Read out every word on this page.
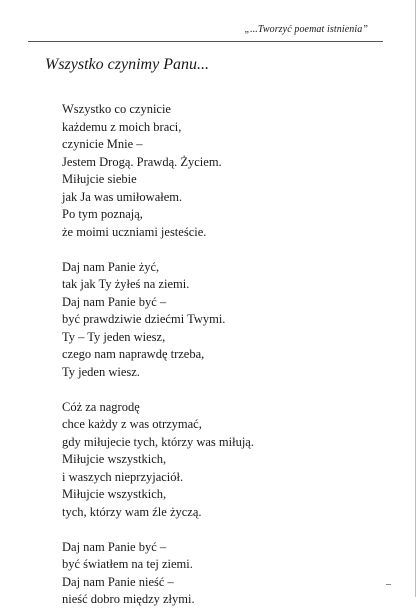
„...Tworzyć poemat istnienia”
Wszystko czynimy Panu...
Wszystko co czynicie
każdemu z moich braci,
czynicie Mnie –
Jestem Drogą. Prawdą. Życiem.
Miłujcie siebie
jak Ja was umiłowałem.
Po tym poznają,
że moimi uczniami jesteście.
Daj nam Panie żyć,
tak jak Ty żyłeś na ziemi.
Daj nam Panie być –
być prawdziwie dziećmi Twymi.
Ty – Ty jeden wiesz,
czego nam naprawdę trzeba,
Ty jeden wiesz.
Cóż za nagrodę
chce każdy z was otrzymać,
gdy miłujecie tych, którzy was miłują.
Miłujcie wszystkich,
i waszych nieprzyjaciół.
Miłujcie wszystkich,
tych, którzy wam źle życzą.
Daj nam Panie być –
być światłem na tej ziemi.
Daj nam Panie nieść –
nieść dobro między złymi.
–
